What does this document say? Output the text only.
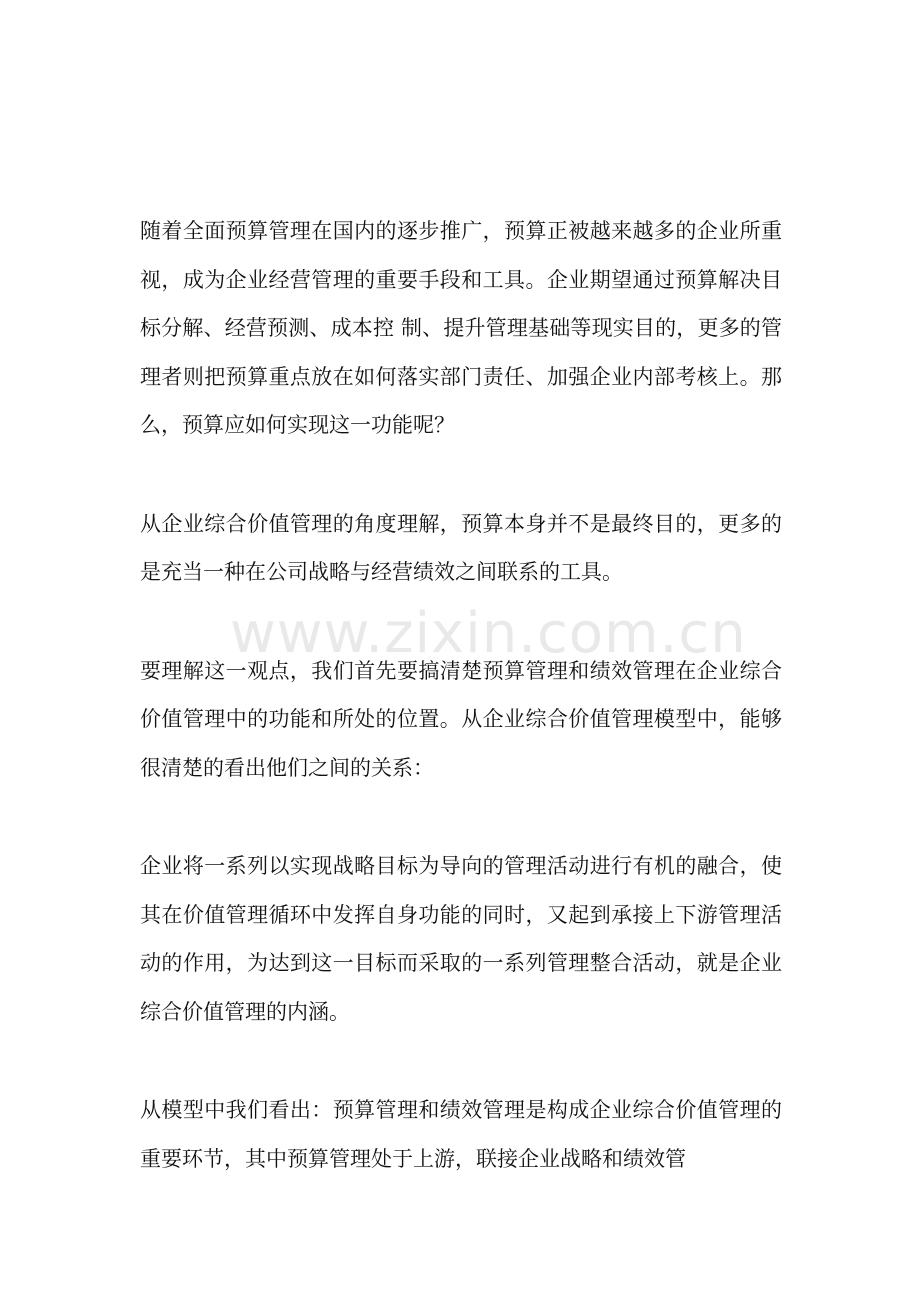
随着全面预算管理在国内的逐步推广，预算正被越来越多的企业所重视，成为企业经营管理的重要手段和工具。企业期望通过预算解决目标分解、经营预测、成本控 制、提升管理基础等现实目的，更多的管理者则把预算重点放在如何落实部门责任、加强企业内部考核上。那么，预算应如何实现这一功能呢？

从企业综合价值管理的角度理解，预算本身并不是最终目的，更多的是充当一种在公司战略与经营绩效之间联系的工具。

要理解这一观点，我们首先要搞清楚预算管理和绩效管理在企业综合价值管理中的功能和所处的位置。从企业综合价值管理模型中，能够很清楚的看出他们之间的关系：

企业将一系列以实现战略目标为导向的管理活动进行有机的融合，使其在价值管理循环中发挥自身功能的同时，又起到承接上下游管理活动的作用，为达到这一目标而采取的一系列管理整合活动，就是企业综合价值管理的内涵。

从模型中我们看出：预算管理和绩效管理是构成企业综合价值管理的重要环节，其中预算管理处于上游，联接企业战略和绩效管

www.zixin.com.cn
